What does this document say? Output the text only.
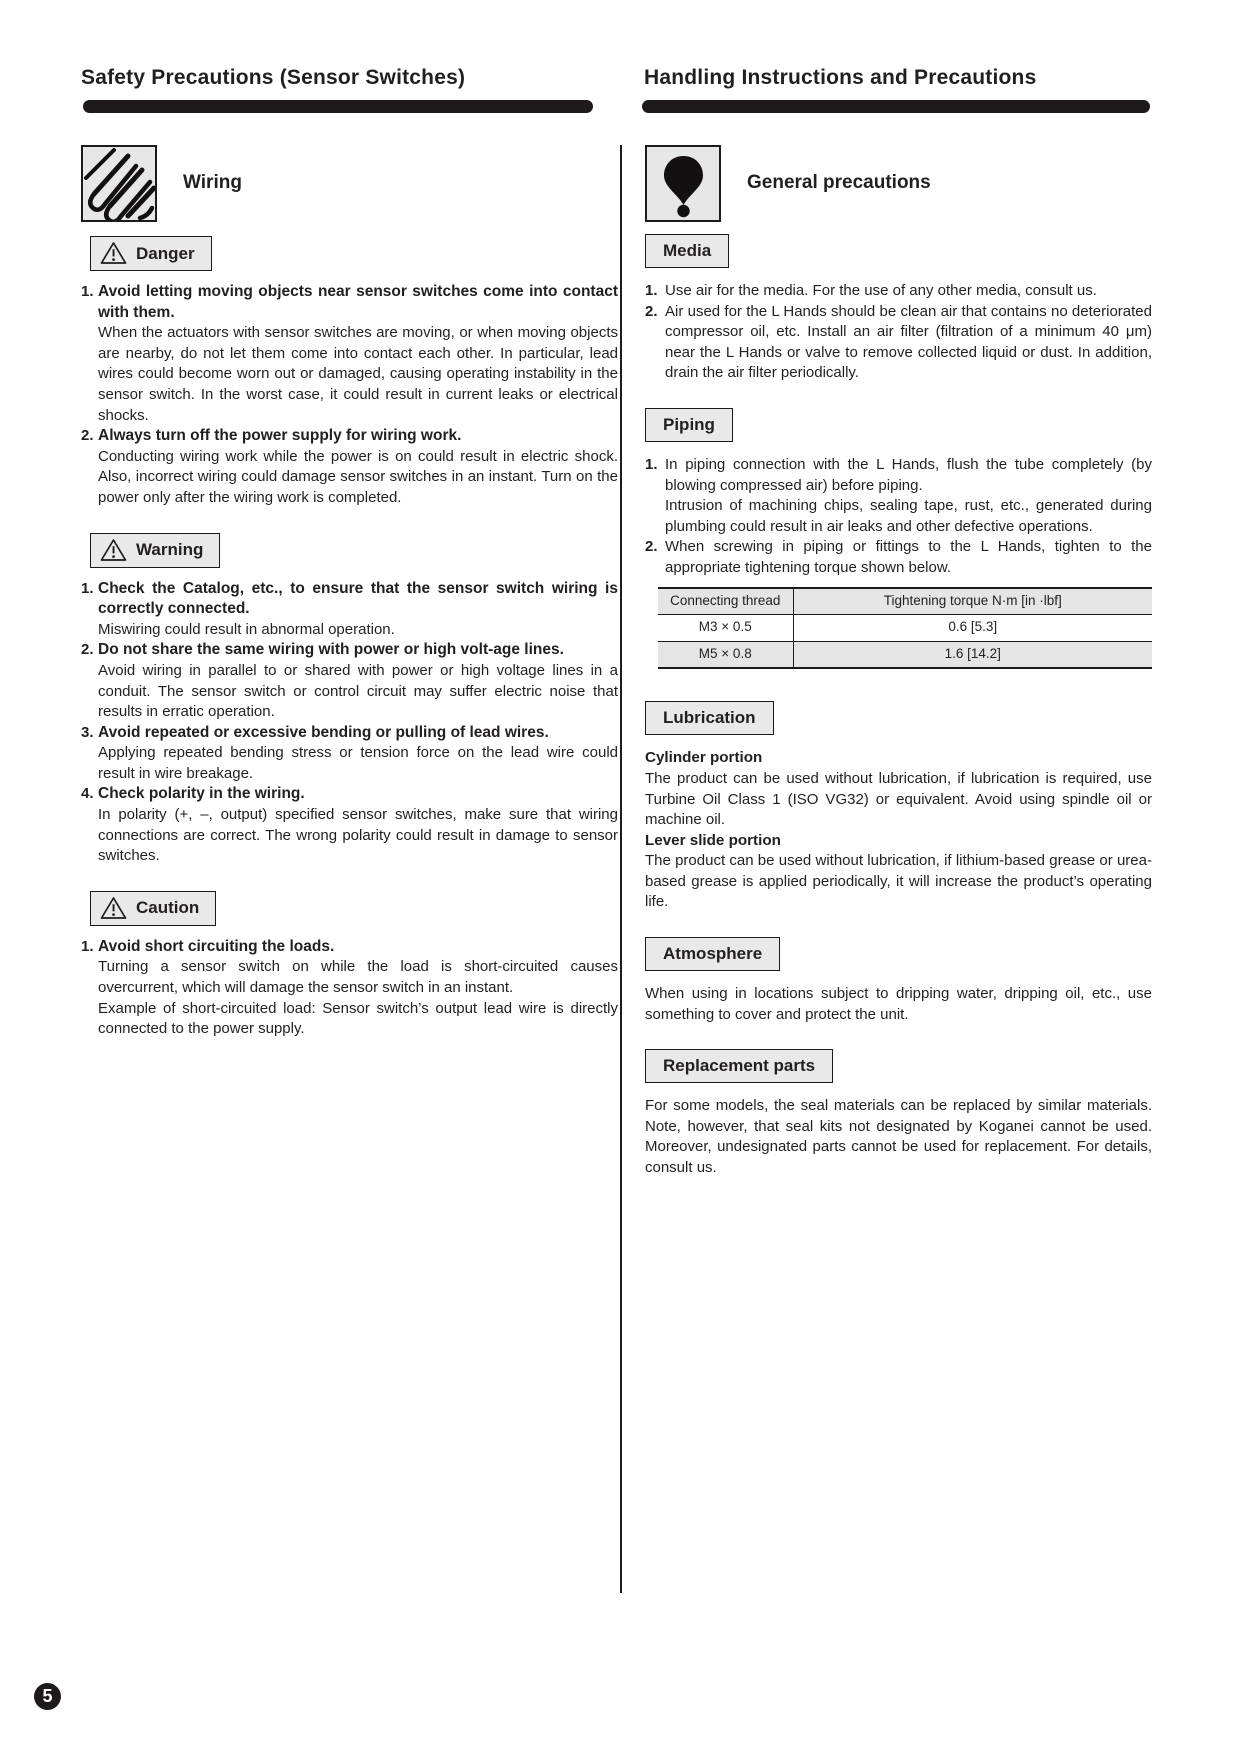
Safety Precautions (Sensor Switches)	Handling Instructions and Precautions
Wiring
Danger
1. Avoid letting moving objects near sensor switches come into contact with them.
When the actuators with sensor switches are moving, or when moving objects are nearby, do not let them come into contact each other. In particular, lead wires could become worn out or damaged, causing operating instability in the sensor switch. In the worst case, it could result in current leaks or electrical shocks.
2. Always turn off the power supply for wiring work.
Conducting wiring work while the power is on could result in electric shock. Also, incorrect wiring could damage sensor switches in an instant. Turn on the power only after the wiring work is completed.
Warning
1. Check the Catalog, etc., to ensure that the sensor switch wiring is correctly connected.
Miswiring could result in abnormal operation.
2. Do not share the same wiring with power or high volt-age lines.
Avoid wiring in parallel to or shared with power or high voltage lines in a conduit. The sensor switch or control circuit may suffer electric noise that results in erratic operation.
3. Avoid repeated or excessive bending or pulling of lead wires.
Applying repeated bending stress or tension force on the lead wire could result in wire breakage.
4. Check polarity in the wiring.
In polarity (+, –, output) specified sensor switches, make sure that wiring connections are correct. The wrong polarity could result in damage to sensor switches.
Caution
1. Avoid short circuiting the loads.
Turning a sensor switch on while the load is short-circuited causes overcurrent, which will damage the sensor switch in an instant.
Example of short-circuited load: Sensor switch’s output lead wire is directly connected to the power supply.
General precautions
Media
1. Use air for the media. For the use of any other media, consult us.
2. Air used for the L Hands should be clean air that contains no deteriorated compressor oil, etc. Install an air filter (filtration of a minimum 40 μm) near the L Hands or valve to remove collected liquid or dust. In addition, drain the air filter periodically.
Piping
1. In piping connection with the L Hands, flush the tube completely (by blowing compressed air) before piping.
Intrusion of machining chips, sealing tape, rust, etc., generated during plumbing could result in air leaks and other defective operations.
2. When screwing in piping or fittings to the L Hands, tighten to the appropriate tightening torque shown below.
Connecting thread	Tightening torque N·m [in ·lbf]
M3 × 0.5	0.6 [5.3]
M5 × 0.8	1.6 [14.2]
Lubrication
Cylinder portion
The product can be used without lubrication, if lubrication is required, use Turbine Oil Class 1 (ISO VG32) or equivalent. Avoid using spindle oil or machine oil.
Lever slide portion
The product can be used without lubrication, if lithium-based grease or urea-based grease is applied periodically, it will increase the product’s operating life.
Atmosphere
When using in locations subject to dripping water, dripping oil, etc., use something to cover and protect the unit.
Replacement parts
For some models, the seal materials can be replaced by similar materials. Note, however, that seal kits not designated by Koganei cannot be used. Moreover, undesignated parts cannot be used for replacement. For details, consult us.
5
